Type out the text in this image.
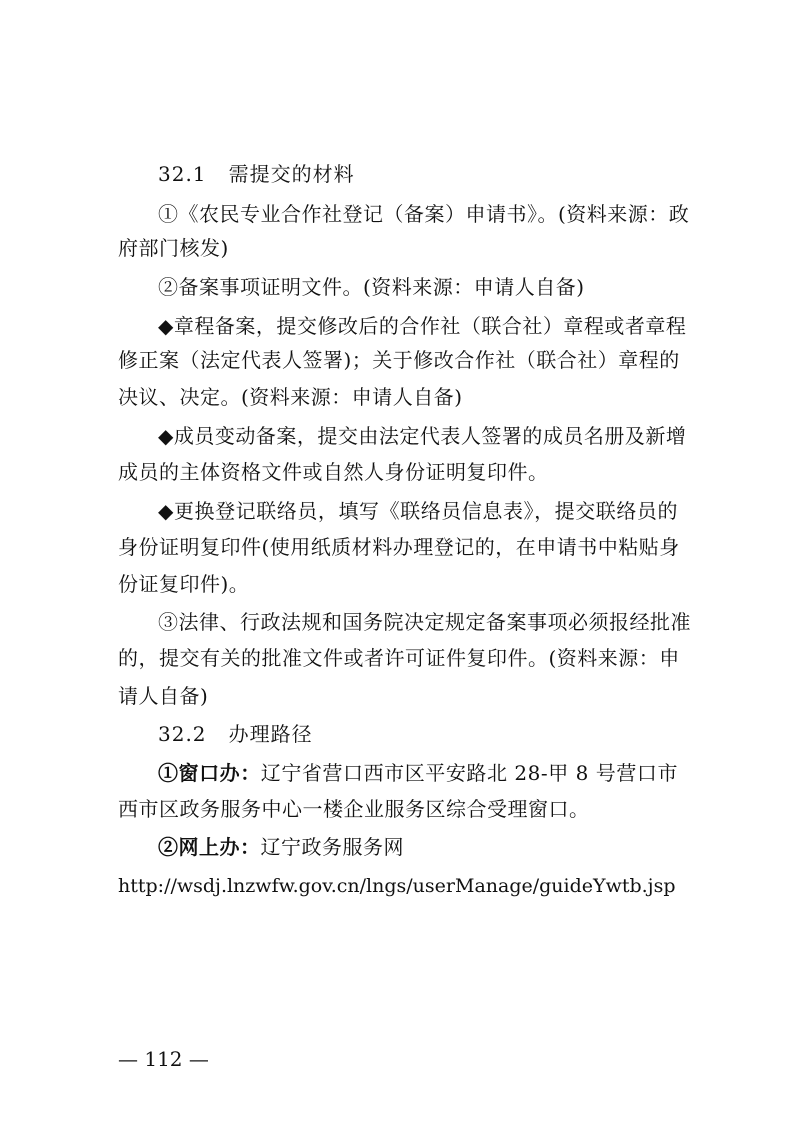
32.1 需提交的材料
①《农民专业合作社登记（备案）申请书》。(资料来源：政
府部门核发)
②备案事项证明文件。(资料来源：申请人自备)
◆章程备案，提交修改后的合作社（联合社）章程或者章程
修正案（法定代表人签署)；关于修改合作社（联合社）章程的
决议、决定。(资料来源：申请人自备)
◆成员变动备案，提交由法定代表人签署的成员名册及新增
成员的主体资格文件或自然人身份证明复印件。
◆更换登记联络员，填写《联络员信息表》，提交联络员的
身份证明复印件(使用纸质材料办理登记的，在申请书中粘贴身
份证复印件)。
③法律、行政法规和国务院决定规定备案事项必须报经批准
的，提交有关的批准文件或者许可证件复印件。(资料来源：申
请人自备)
32.2 办理路径
①窗口办：辽宁省营口西市区平安路北 28-甲 8 号营口市
西市区政务服务中心一楼企业服务区综合受理窗口。
②网上办：辽宁政务服务网
http://wsdj.lnzwfw.gov.cn/lngs/userManage/guideYwtb.jsp
— 112 —
